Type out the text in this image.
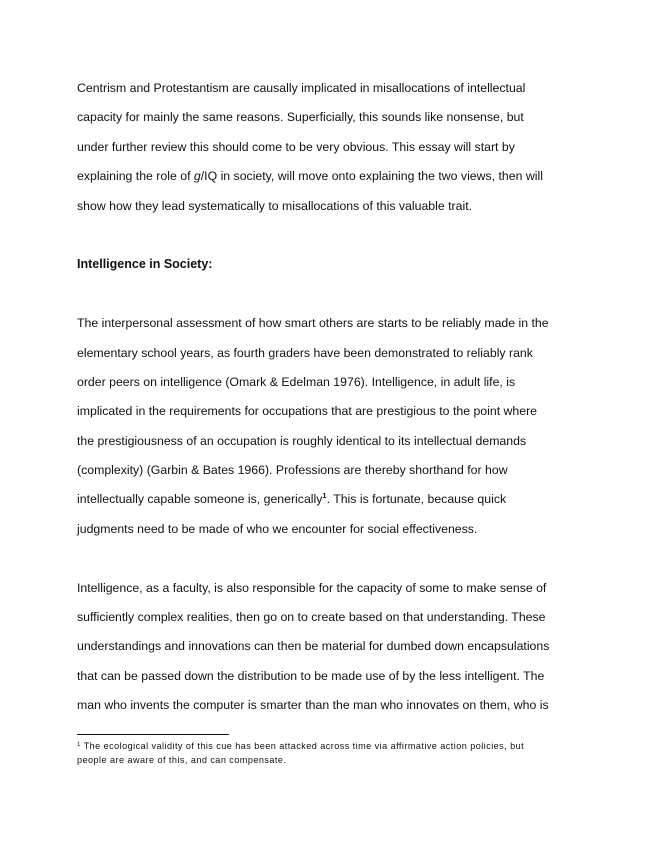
Centrism and Protestantism are causally implicated in misallocations of intellectual
capacity for mainly the same reasons. Superficially, this sounds like nonsense, but
under further review this should come to be very obvious. This essay will start by
explaining the role of g/IQ in society, will move onto explaining the two views, then will
show how they lead systematically to misallocations of this valuable trait.

Intelligence in Society:

The interpersonal assessment of how smart others are starts to be reliably made in the
elementary school years, as fourth graders have been demonstrated to reliably rank
order peers on intelligence (Omark & Edelman 1976). Intelligence, in adult life, is
implicated in the requirements for occupations that are prestigious to the point where
the prestigiousness of an occupation is roughly identical to its intellectual demands
(complexity) (Garbin & Bates 1966). Professions are thereby shorthand for how
intellectually capable someone is, generically$^1$. This is fortunate, because quick
judgments need to be made of who we encounter for social effectiveness.

Intelligence, as a faculty, is also responsible for the capacity of some to make sense of
sufficiently complex realities, then go on to create based on that understanding. These
understandings and innovations can then be material for dumbed down encapsulations
that can be passed down the distribution to be made use of by the less intelligent. The
man who invents the computer is smarter than the man who innovates on them, who is

$^1$ The ecological validity of this cue has been attacked across time via affirmative action policies, but
people are aware of this, and can compensate.
